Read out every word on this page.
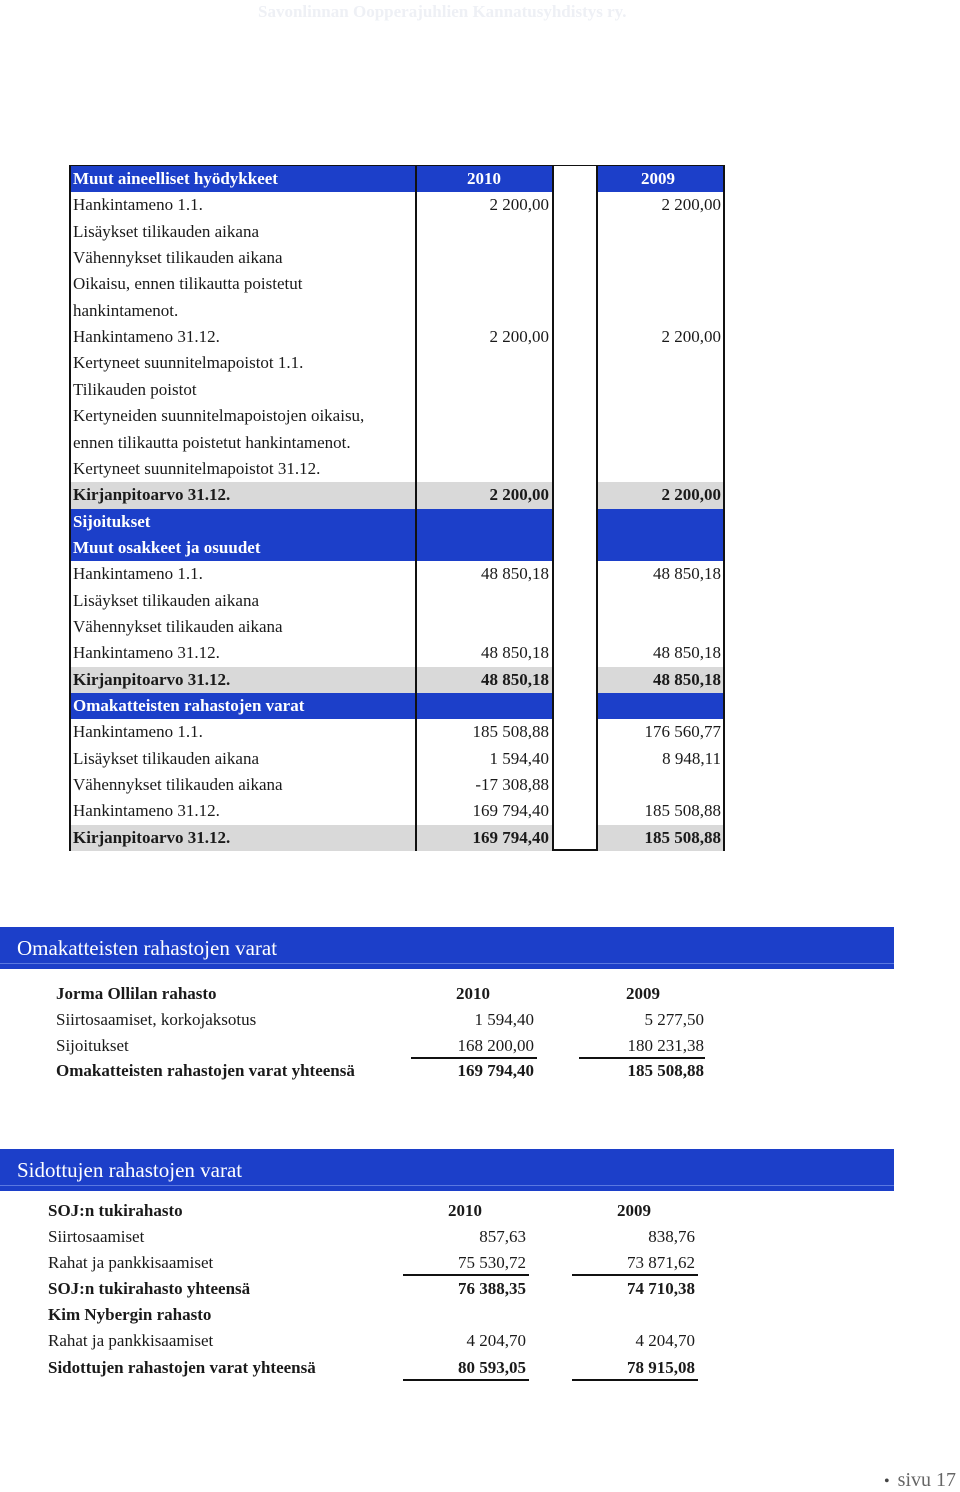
Savonlinnan Oopperajuhlien Kannatusyhdistys ry.
Muut aineelliset hyödykkeet	2010	2009
Hankintameno 1.1.	2 200,00	2 200,00
Lisäykset tilikauden aikana
Vähennykset tilikauden aikana
Oikaisu, ennen tilikautta poistetut
hankintamenot.
Hankintameno 31.12.	2 200,00	2 200,00
Kertyneet suunnitelmapoistot 1.1.
Tilikauden poistot
Kertyneiden suunnitelmapoistojen oikaisu,
ennen tilikautta poistetut hankintamenot.
Kertyneet suunnitelmapoistot 31.12.
Kirjanpitoarvo 31.12.	2 200,00	2 200,00
Sijoitukset
Muut osakkeet ja osuudet
Hankintameno 1.1.	48 850,18	48 850,18
Lisäykset tilikauden aikana
Vähennykset tilikauden aikana
Hankintameno 31.12.	48 850,18	48 850,18
Kirjanpitoarvo 31.12.	48 850,18	48 850,18
Omakatteisten rahastojen varat
Hankintameno 1.1.	185 508,88	176 560,77
Lisäykset tilikauden aikana	1 594,40	8 948,11
Vähennykset tilikauden aikana	-17 308,88
Hankintameno 31.12.	169 794,40	185 508,88
Kirjanpitoarvo 31.12.	169 794,40	185 508,88
Omakatteisten rahastojen varat
Jorma Ollilan rahasto	2010	2009
Siirtosaamiset, korkojaksotus	1 594,40	5 277,50
Sijoitukset	168 200,00	180 231,38
Omakatteisten rahastojen varat yhteensä	169 794,40	185 508,88
Sidottujen rahastojen varat
SOJ:n tukirahasto	2010	2009
Siirtosaamiset	857,63	838,76
Rahat ja pankkisaamiset	75 530,72	73 871,62
SOJ:n tukirahasto yhteensä	76 388,35	74 710,38
Kim Nybergin rahasto
Rahat ja pankkisaamiset	4 204,70	4 204,70
Sidottujen rahastojen varat yhteensä	80 593,05	78 915,08
• sivu 17
